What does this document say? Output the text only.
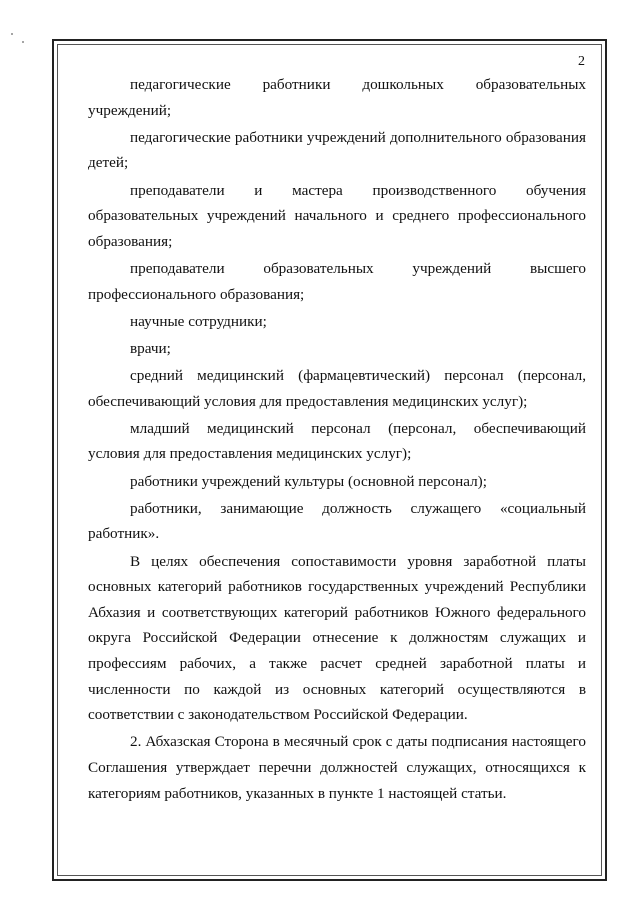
2

педагогические работники дошкольных образовательных учреждений;

педагогические работники учреждений дополнительного образования детей;

преподаватели и мастера производственного обучения образовательных учреждений начального и среднего профессионального образования;

преподаватели образовательных учреждений высшего профессионального образования;

научные сотрудники;

врачи;

средний медицинский (фармацевтический) персонал (персонал, обеспечивающий условия для предоставления медицинских услуг);

младший медицинский персонал (персонал, обеспечивающий условия для предоставления медицинских услуг);

работники учреждений культуры (основной персонал);

работники, занимающие должность служащего «социальный работник».

В целях обеспечения сопоставимости уровня заработной платы основных категорий работников государственных учреждений Республики Абхазия и соответствующих категорий работников Южного федерального округа Российской Федерации отнесение к должностям служащих и профессиям рабочих, а также расчет средней заработной платы и численности по каждой из основных категорий осуществляются в соответствии с законодательством Российской Федерации.

2. Абхазская Сторона в месячный срок с даты подписания настоящего Соглашения утверждает перечни должностей служащих, относящихся к категориям работников, указанных в пункте 1 настоящей статьи.
